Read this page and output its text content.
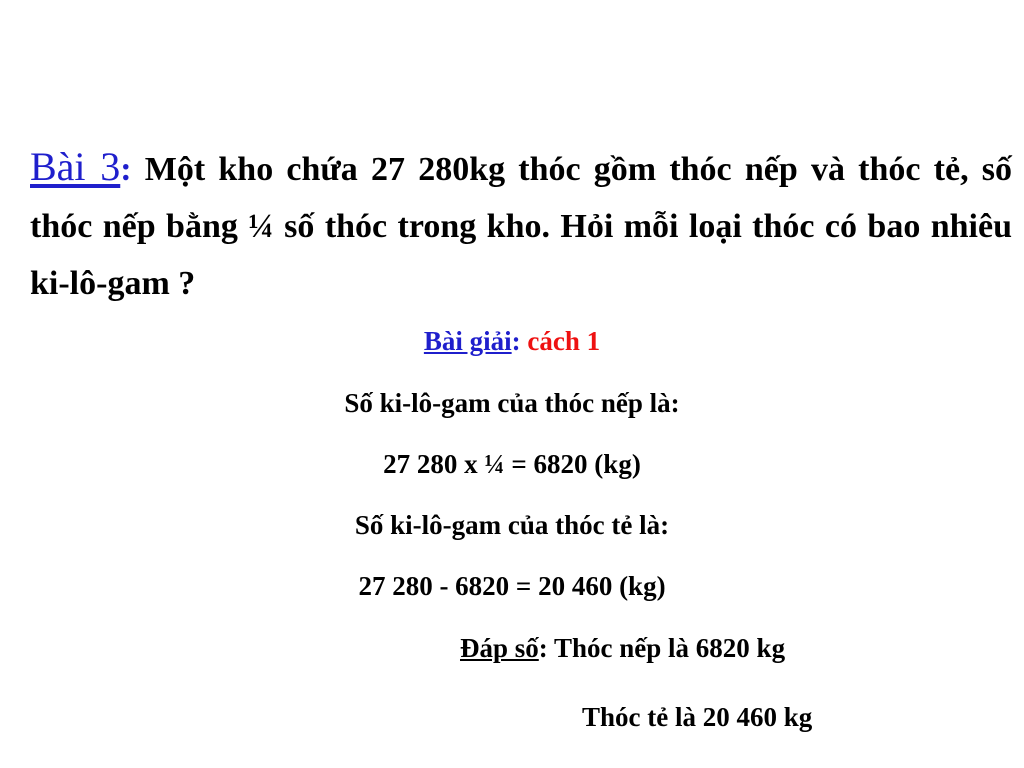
Bài 3: Một kho chứa 27 280kg thóc gồm thóc nếp và thóc tẻ, số thóc nếp bằng ¼ số thóc trong kho. Hỏi mỗi loại thóc có bao nhiêu ki-lô-gam ?
Bài giải: cách 1
Số ki-lô-gam của thóc nếp là:
27 280 x ¼ = 6820 (kg)
Số ki-lô-gam của thóc tẻ là:
27 280 - 6820 = 20 460 (kg)
Đáp số: Thóc nếp là 6820 kg
Thóc tẻ là 20 460 kg
